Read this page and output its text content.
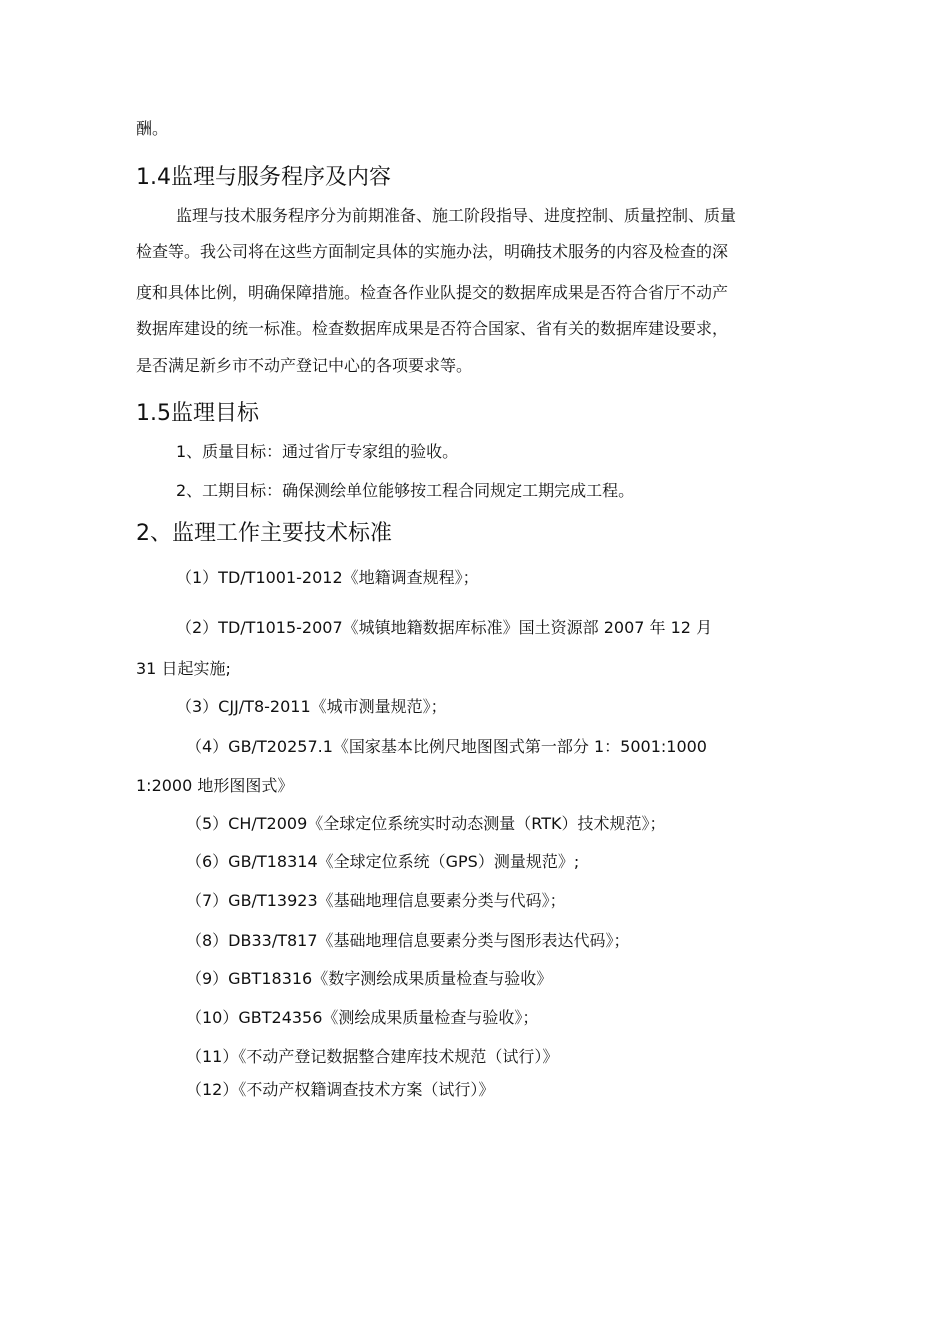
酬。
1.4监理与服务程序及内容
监理与技术服务程序分为前期准备、施工阶段指导、进度控制、质量控制、质量
检查等。我公司将在这些方面制定具体的实施办法，明确技术服务的内容及检查的深
度和具体比例，明确保障措施。检查各作业队提交的数据库成果是否符合省厅不动产
数据库建设的统一标准。检查数据库成果是否符合国家、省有关的数据库建设要求，
是否满足新乡市不动产登记中心的各项要求等。
1.5监理目标
1、质量目标：通过省厅专家组的验收。
2、工期目标：确保测绘单位能够按工程合同规定工期完成工程。
2、监理工作主要技术标准
（1）TD/T1001-2012《地籍调查规程》；
（2）TD/T1015-2007《城镇地籍数据库标准》国土资源部 2007 年 12 月
31 日起实施;
（3）CJJ/T8-2011《城市测量规范》；
（4）GB/T20257.1《国家基本比例尺地图图式第一部分 1：5001:1000
1:2000 地形图图式》
（5）CH/T2009《全球定位系统实时动态测量（RTK）技术规范》；
（6）GB/T18314《全球定位系统（GPS）测量规范》;
（7）GB/T13923《基础地理信息要素分类与代码》；
（8）DB33/T817《基础地理信息要素分类与图形表达代码》；
（9）GBT18316《数字测绘成果质量检查与验收》
（10）GBT24356《测绘成果质量检查与验收》；
（11）《不动产登记数据整合建库技术规范（试行）》
（12）《不动产权籍调查技术方案（试行）》
